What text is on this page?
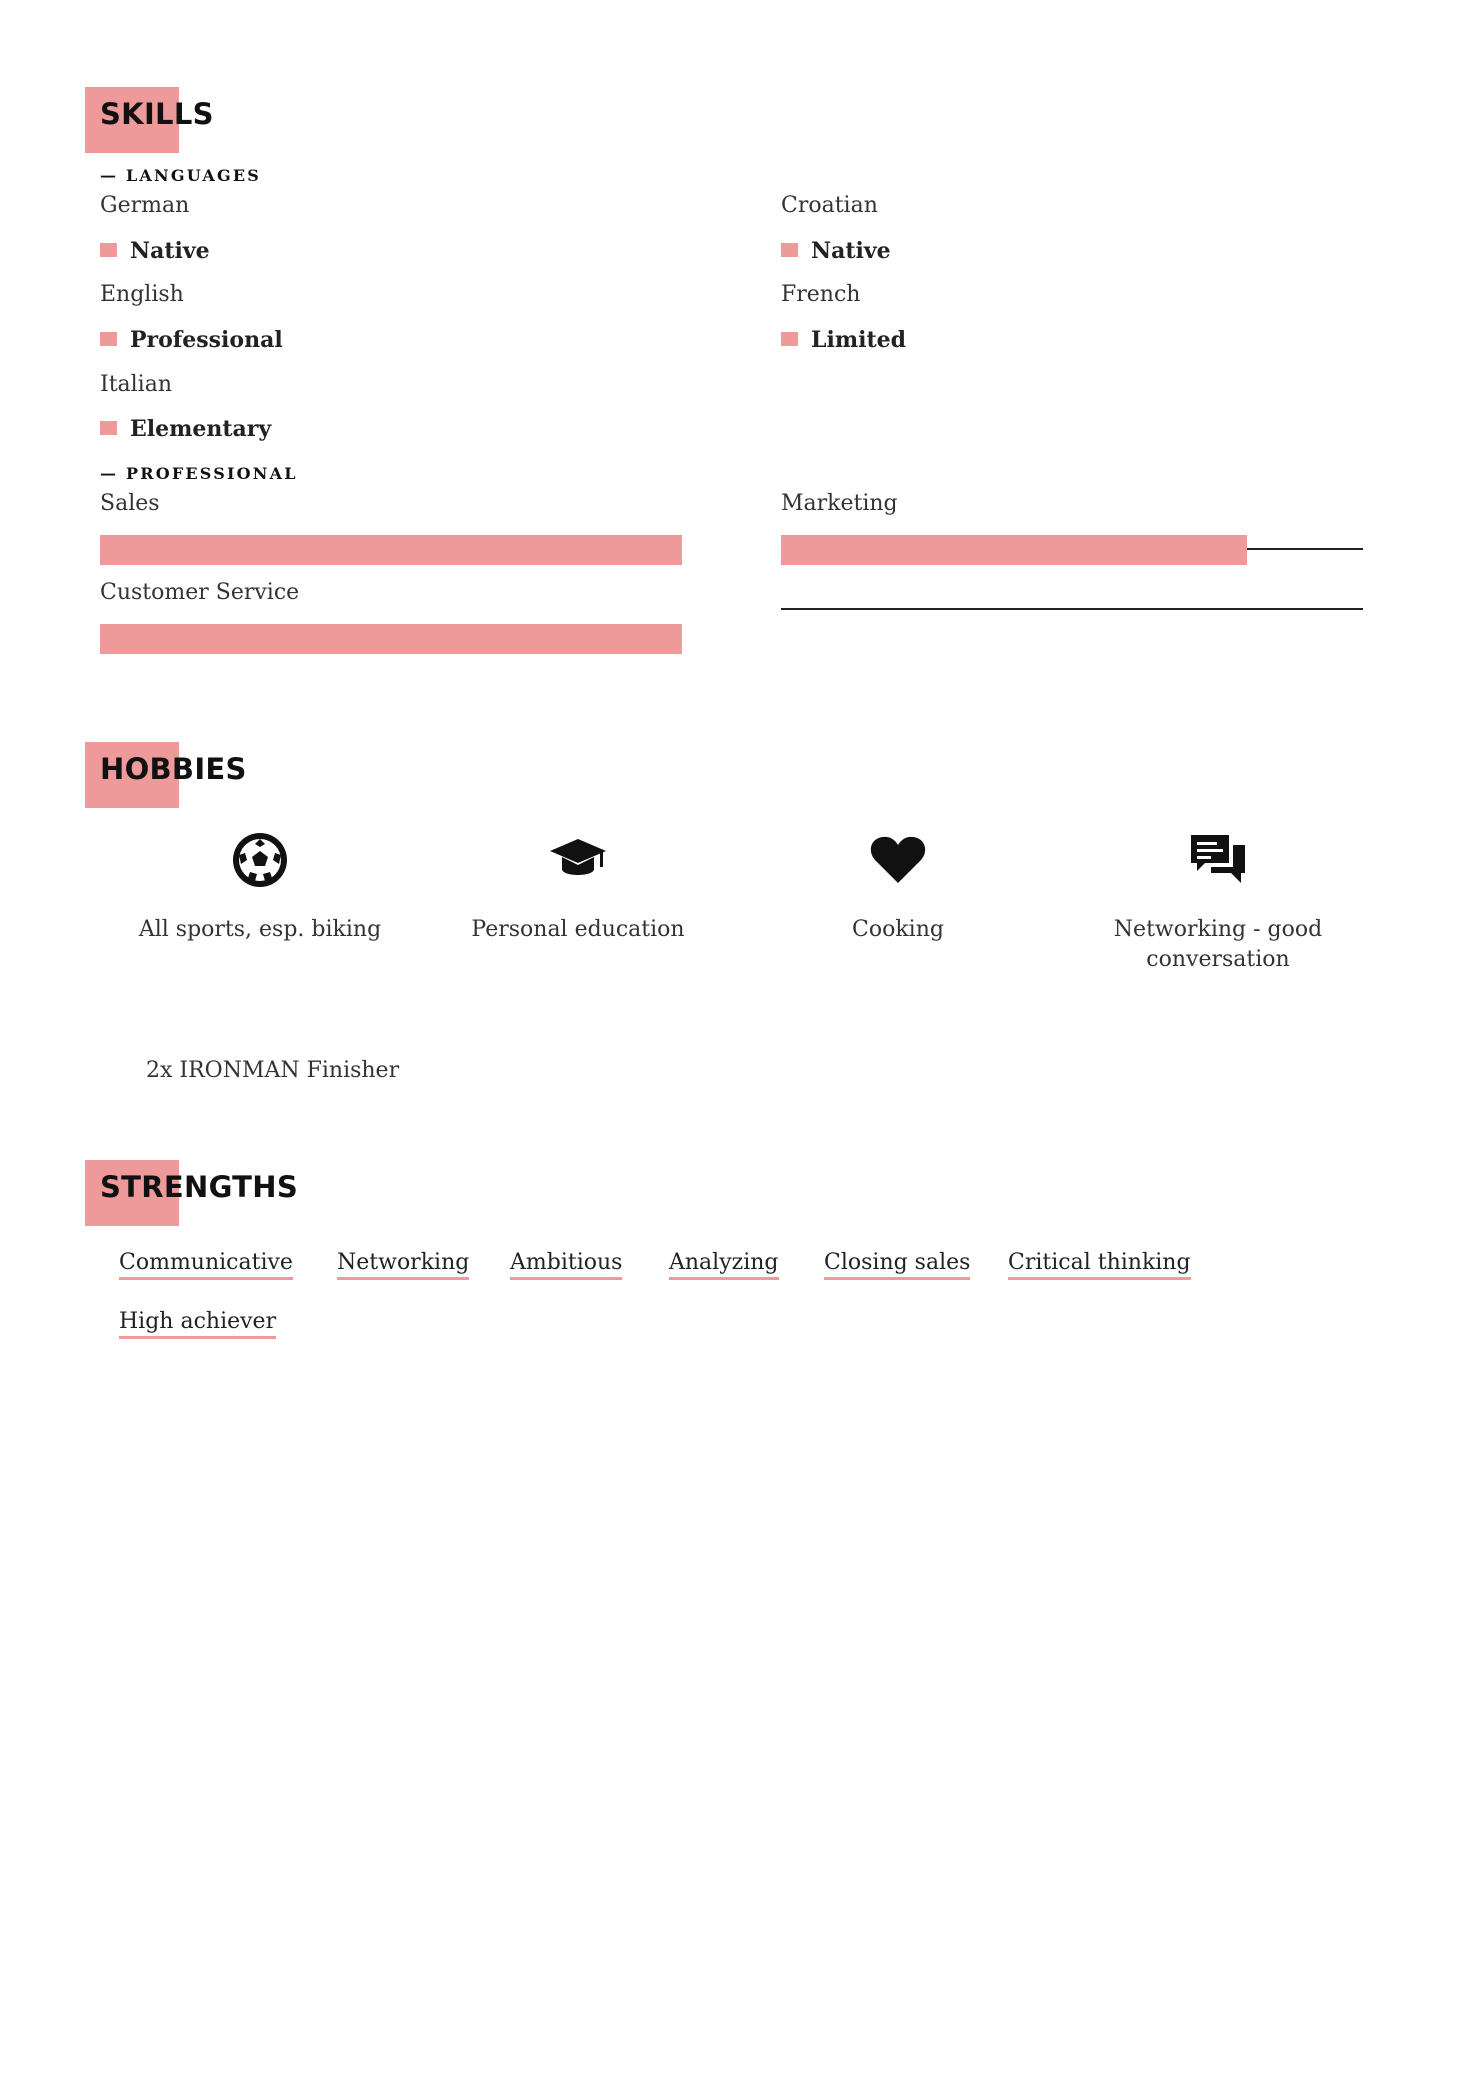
SKILLS
— LANGUAGES
German
Native
Croatian
Native
English
Professional
French
Limited
Italian
Elementary
— PROFESSIONAL
Sales	Marketing
Customer Service
HOBBIES
All sports, esp. biking	Personal education	Cooking	Networking - good conversation
2x IRONMAN Finisher
STRENGTHS
Communicative Networking Ambitious Analyzing Closing sales Critical thinking
High achiever
